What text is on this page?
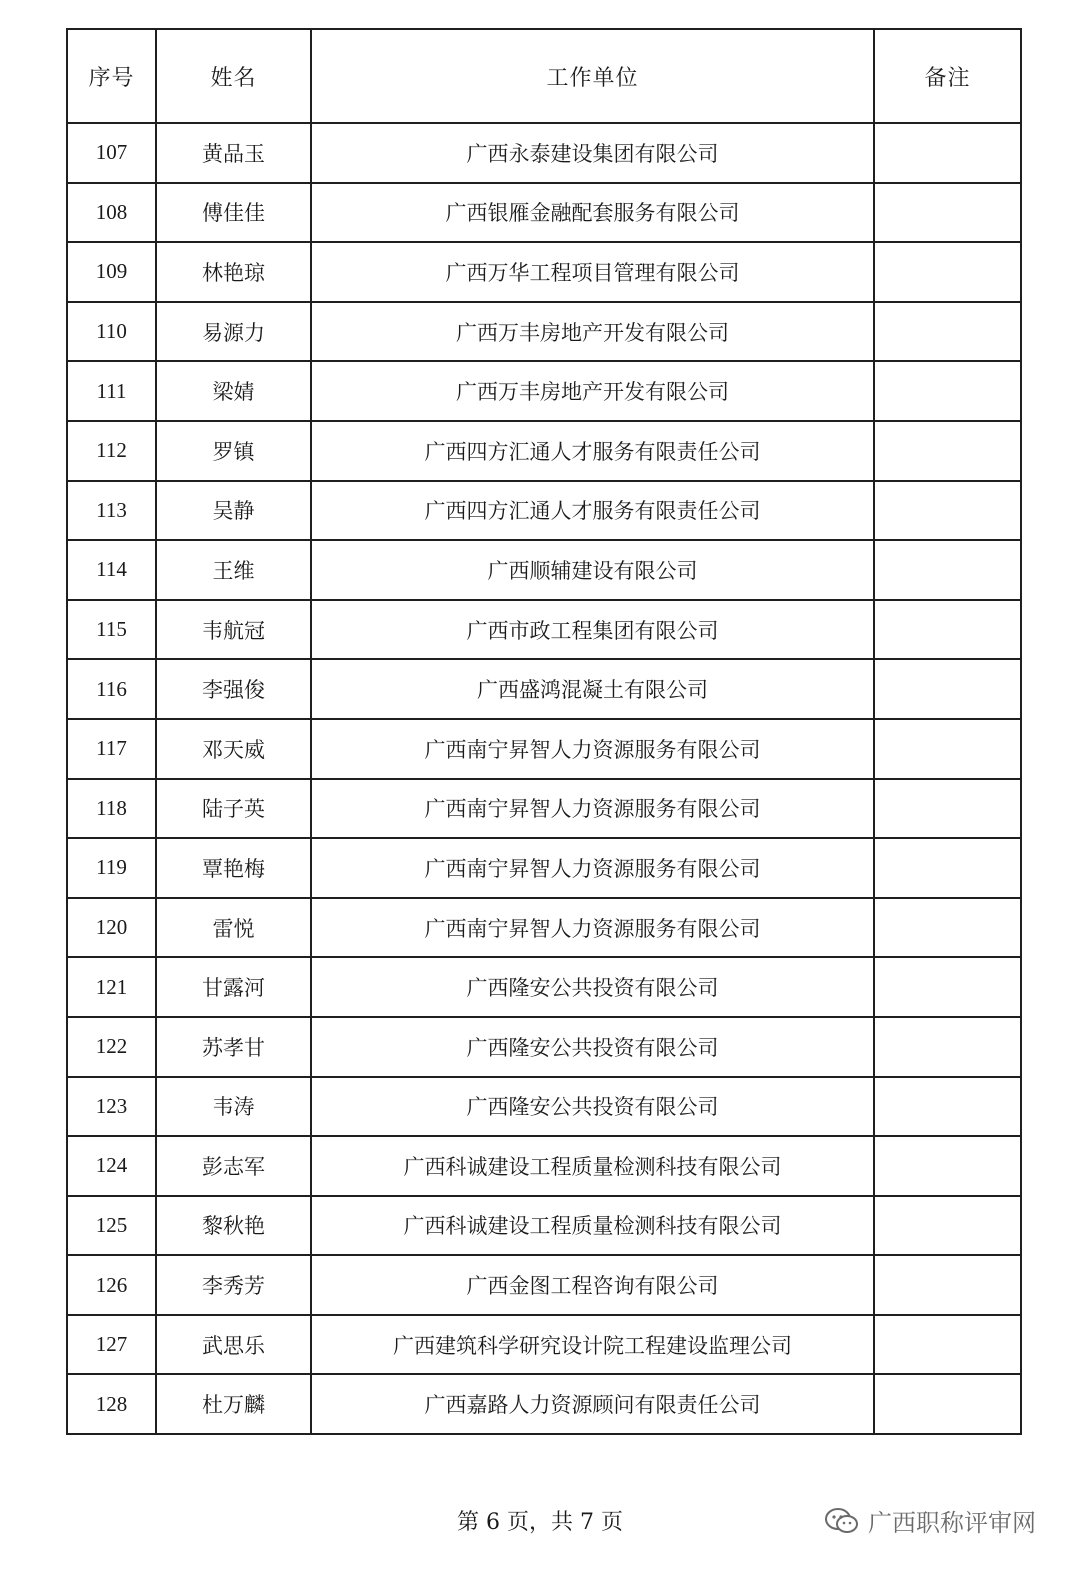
序号	姓名	工作单位	备注
107	黄品玉	广西永泰建设集团有限公司	
108	傅佳佳	广西银雁金融配套服务有限公司	
109	林艳琼	广西万华工程项目管理有限公司	
110	易源力	广西万丰房地产开发有限公司	
111	梁婧	广西万丰房地产开发有限公司	
112	罗镇	广西四方汇通人才服务有限责任公司	
113	吴静	广西四方汇通人才服务有限责任公司	
114	王维	广西顺辅建设有限公司	
115	韦航冠	广西市政工程集团有限公司	
116	李强俊	广西盛鸿混凝土有限公司	
117	邓天威	广西南宁昇智人力资源服务有限公司	
118	陆子英	广西南宁昇智人力资源服务有限公司	
119	覃艳梅	广西南宁昇智人力资源服务有限公司	
120	雷悦	广西南宁昇智人力资源服务有限公司	
121	甘露河	广西隆安公共投资有限公司	
122	苏孝甘	广西隆安公共投资有限公司	
123	韦涛	广西隆安公共投资有限公司	
124	彭志军	广西科诚建设工程质量检测科技有限公司	
125	黎秋艳	广西科诚建设工程质量检测科技有限公司	
126	李秀芳	广西金图工程咨询有限公司	
127	武思乐	广西建筑科学研究设计院工程建设监理公司	
128	杜万麟	广西嘉路人力资源顾问有限责任公司	
第 6 页，共 7 页	广西职称评审网
